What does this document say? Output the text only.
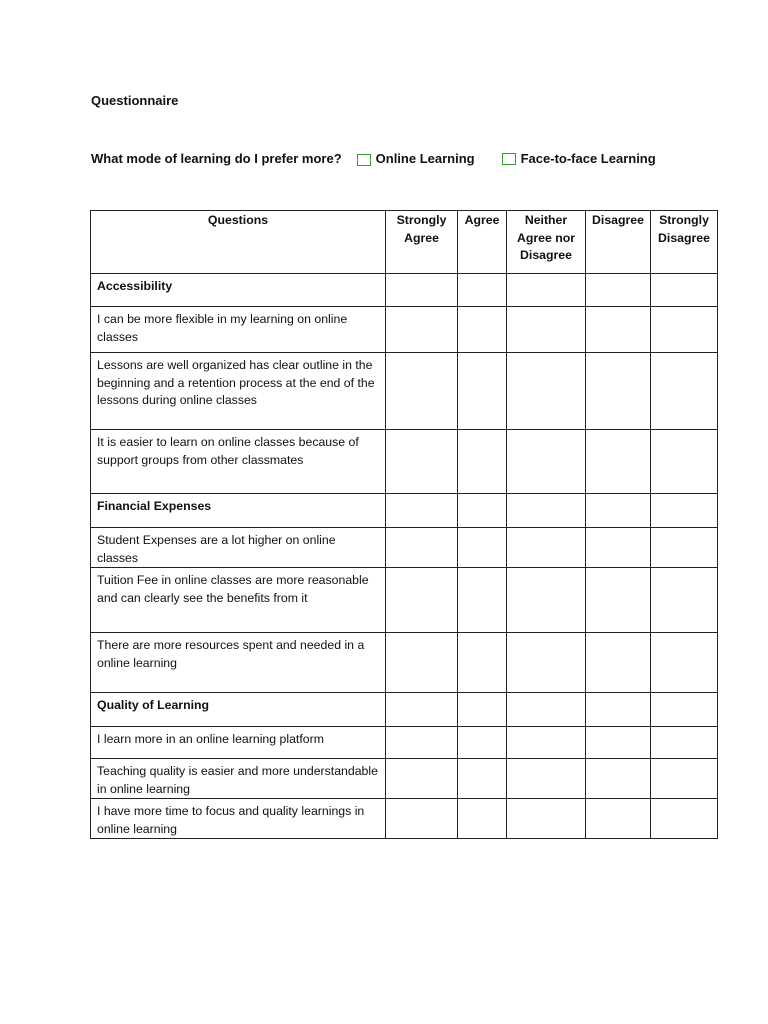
Questionnaire
What mode of learning do I prefer more?	Online Learning	Face-to-face Learning
Questions	Strongly Agree	Agree	Neither Agree nor Disagree	Disagree	Strongly Disagree
Accessibility					
I can be more flexible in my learning on online classes					
Lessons are well organized has clear outline in the beginning and a retention process at the end of the lessons during online classes					
It is easier to learn on online classes because of support groups from other classmates					
Financial Expenses					
Student Expenses are a lot higher on online classes					
Tuition Fee in online classes are more reasonable and can clearly see the benefits from it					
There are more resources spent and needed in a online learning					
Quality of Learning					
I learn more in an online learning platform					
Teaching quality is easier and more understandable in online learning					
I have more time to focus and quality learnings in online learning					
